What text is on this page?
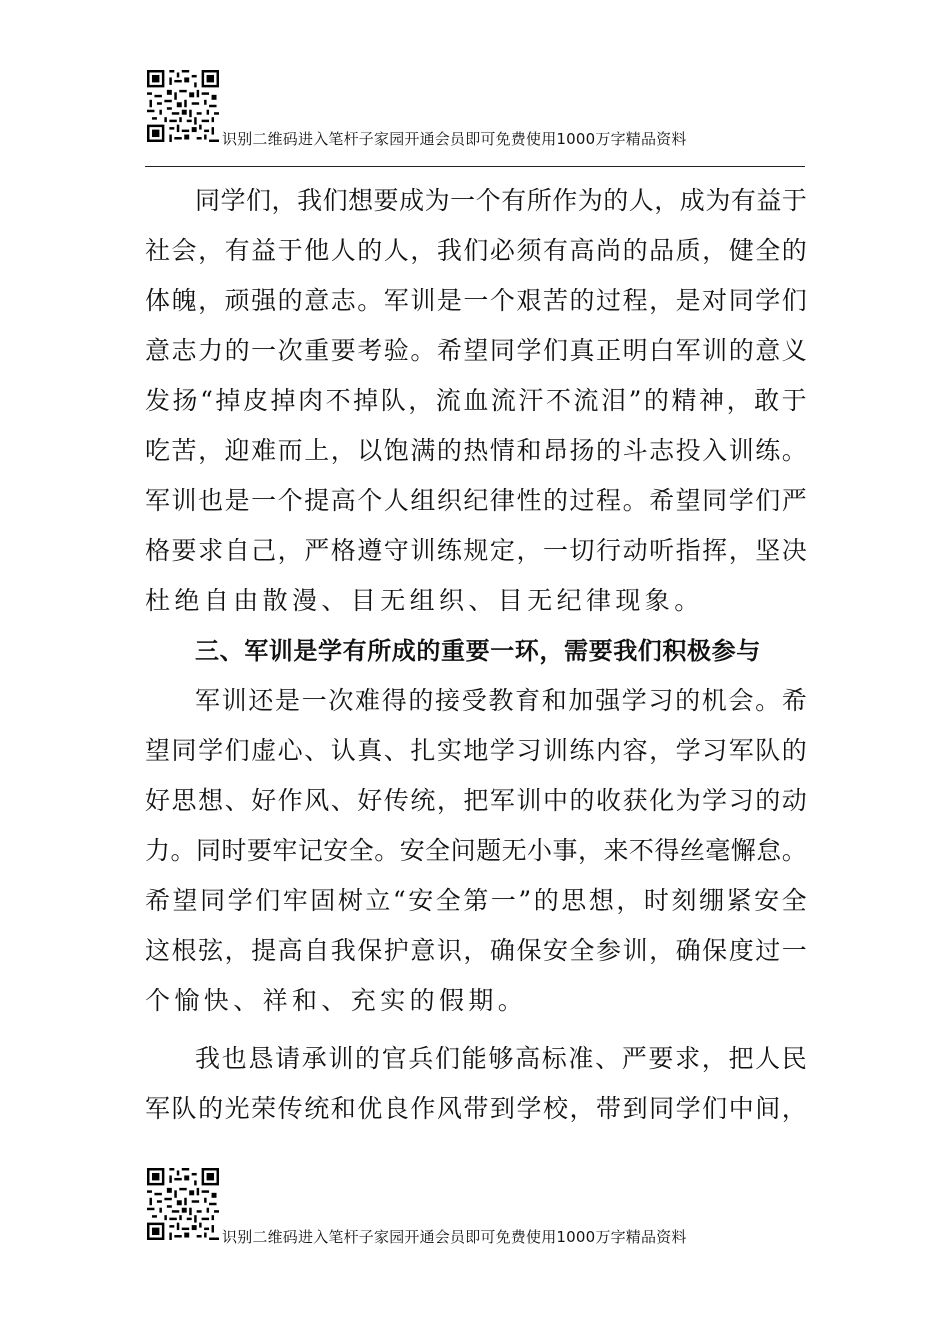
识别二维码进入笔杆子家园开通会员即可免费使用1000万字精品资料
同 学 们 ， 我 们 想 要 成 为 一 个 有 所 作 为 的 人 ， 成 为 有 益 于
社 会 ， 有 益 于 他 人 的 人 ， 我 们 必 须 有 高 尚 的 品 质 ， 健 全 的
体 魄 ， 顽 强 的 意 志 。 军 训 是 一 个 艰 苦 的 过 程 ， 是 对 同 学 们
意 志 力 的 一 次 重 要 考 验 。 希 望 同 学 们 真 正 明 白 军 训 的 意 义
发 扬 “ 掉 皮 掉 肉 不 掉 队 ， 流 血 流 汗 不 流 泪 ” 的 精 神 ， 敢 于
吃 苦 ， 迎 难 而 上 ， 以 饱 满 的 热 情 和 昂 扬 的 斗 志 投 入 训 练 。
军 训 也 是 一 个 提 高 个 人 组 织 纪 律 性 的 过 程 。 希 望 同 学 们 严
格 要 求 自 己 ， 严 格 遵 守 训 练 规 定 ， 一 切 行 动 听 指 挥 ， 坚 决
杜绝自由散漫、目无组织、目无纪律现象。
三、军训是学有所成的重要一环，需要我们积极参与
军 训 还 是 一 次 难 得 的 接 受 教 育 和 加 强 学 习 的 机 会 。 希
望 同 学 们 虚 心 、 认 真 、 扎 实 地 学 习 训 练 内 容 ， 学 习 军 队 的
好 思 想 、 好 作 风 、 好 传 统 ， 把 军 训 中 的 收 获 化 为 学 习 的 动
力 。 同 时 要 牢 记 安 全 。 安 全 问 题 无 小 事 ， 来 不 得 丝 毫 懈 怠 。
希 望 同 学 们 牢 固 树 立 “ 安 全 第 一 ” 的 思 想 ， 时 刻 绷 紧 安 全
这 根 弦 ， 提 高 自 我 保 护 意 识 ， 确 保 安 全 参 训 ， 确 保 度 过 一
个愉快、祥和、充实的假期。
我 也 恳 请 承 训 的 官 兵 们 能 够 高 标 准 、 严 要 求 ， 把 人 民
军 队 的 光 荣 传 统 和 优 良 作 风 带 到 学 校 ， 带 到 同 学 们 中 间 ，
识别二维码进入笔杆子家园开通会员即可免费使用1000万字精品资料
